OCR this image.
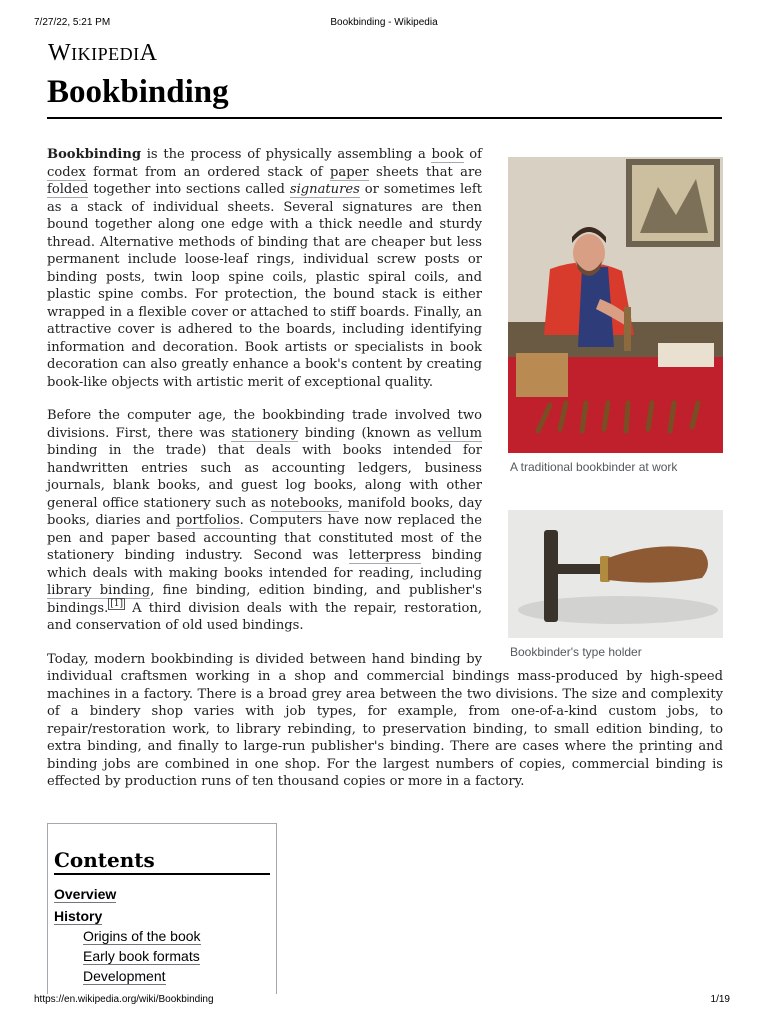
Bookbinding - Wikipedia
7/27/22, 5:21 PM
WIKIPEDIA
Bookbinding
A traditional bookbinder at work
Bookbinder's type holder

Bookbinding is the process of physically assembling a book of codex format from an ordered stack of paper sheets that are folded together into sections called signatures or sometimes left as a stack of individual sheets. Several signatures are then bound together along one edge with a thick needle and sturdy thread. Alternative methods of binding that are cheaper but less permanent include loose-leaf rings, individual screw posts or binding posts, twin loop spine coils, plastic spiral coils, and plastic spine combs. For protection, the bound stack is either wrapped in a flexible cover or attached to stiff boards. Finally, an attractive cover is adhered to the boards, including identifying information and decoration. Book artists or specialists in book decoration can also greatly enhance a book's content by creating book-like objects with artistic merit of exceptional quality.

Before the computer age, the bookbinding trade involved two divisions. First, there was stationery binding (known as vellum binding in the trade) that deals with books intended for handwritten entries such as accounting ledgers, business journals, blank books, and guest log books, along with other general office stationery such as notebooks, manifold books, day books, diaries and portfolios. Computers have now replaced the pen and paper based accounting that constituted most of the stationery binding industry. Second was letterpress binding which deals with making books intended for reading, including library binding, fine binding, edition binding, and publisher's bindings. [1] A third division deals with the repair, restoration, and conservation of old used bindings.

Today, modern bookbinding is divided between hand binding by individual craftsmen working in a shop and commercial bindings mass-produced by high-speed machines in a factory. There is a broad grey area between the two divisions. The size and complexity of a bindery shop varies with job types, for example, from one-of-a-kind custom jobs, to repair/restoration work, to library rebinding, to preservation binding, to small edition binding, to extra binding, and finally to large-run publisher's binding. There are cases where the printing and binding jobs are combined in one shop. For the largest numbers of copies, commercial binding is effected by production runs of ten thousand copies or more in a factory.

Contents
Overview
History
Origins of the book
Early book formats
Development
https://en.wikipedia.org/wiki/Bookbinding	1/19
